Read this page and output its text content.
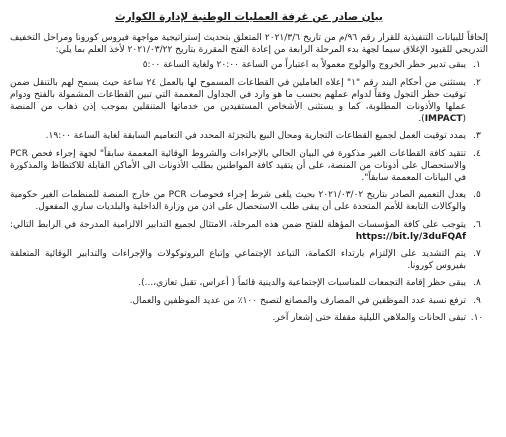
بيان صادر عن غرفة العمليات الوطنية لإدارة الكوارث
إلحاقاً للبيانات التنفيذية للقرار رقم ٩٦/م من تاريخ ٢٠٢١/٣/٦ المتعلق بتحديث إستراتيجية مواجهة فيروس كورونا ومراحل التخفيف التدريجي للقيود الإغلاق سيما لجهة بدء المرحلة الرابعة من إعادة الفتح المقررة بتاريخ ٢٠٢١/٠٣/٢٢ لأخذ العلم بما يلي:
١.
يبقى تدبير حظر الخروج والولوج معمولاً به اعتباراً من الساعة ٢٠:٠٠ ولغاية الساعة ٥:٠٠
٢.
يستثنى من أحكام البند رقم "١" إعلاه العاملين في القطاعات المسموح لها بالعمل ٢٤ ساعة حيث يسمح لهم بالتنقل ضمن توقيت حظر التجول وفقاً لدوام عملهم بحسب ما هو وارد في الجداول المعممة التي تبين القطاعات المشمولة بالفتح ودوام عملها والأذونات المطلوبة، كما و يستثنى الأشخاص المستفيدين من خدماتها المتنقلين بموجب إذن ذهاب من المنصة (IMPACT).
٣.
يمدد توقيت العمل لجميع القطاعات التجارية ومحال البيع بالتجزئة المحدد في التعاميم السابقة لغاية الساعة ١٩:٠٠.
٤.
تتقيد كافة القطاعات الغير مذكورة في البيان الحالي بالإجراءات والشروط الوقائية المعممة سابقاً" لجهة إجراء فحص PCR والاستحصال على أذونات من المنصة، على أن يتقيد كافة المواطنين بطلب الأذونات الى الأماكن القابلة للاكتظاظ والمذكورة في البيانات المعممة سابقاً".
٥.
يعدل التعميم الصادر بتاريخ ٢٠٢١/٠٣/٠٢ بحيث يلغى شرط إجراء فحوصات PCR من خارج المنصة للمنظمات الغير حكومية والوكالات التابعة للأمم المتحدة على أن يبقى طلب الاستحصال على اذن من وزارة الداخلية والبلديات ساري المفعول.
٦.
يتوجب على كافة المؤسسات المؤهلة للفتح ضمن هذه المرحلة، الامتثال لجميع التدابير الالزامية المدرجة في الرابط التالي: https://bit.ly/3duFQAf
٧.
يتم التشديد على الإلتزام بارتداء الكمامة، التباعد الإجتماعي وإتباع البروتوكولات والإجراءات والتدابير الوقائية المتعلقة بفيروس كورونا.
٨.
يبقى حظر إقامة التجمعات للمناسبات الإجتماعية والدينية قائماً ( أعراس، تقبل تعازي،...).
٩.
ترفع نسبة عدد الموظفين في المصارف والمصانع لتصبح ١٠٠٪ من عديد الموظفين والعمال.
١٠.
تبقى الحانات والملاهي الليلية مقفلة حتى إشعار آخر.
